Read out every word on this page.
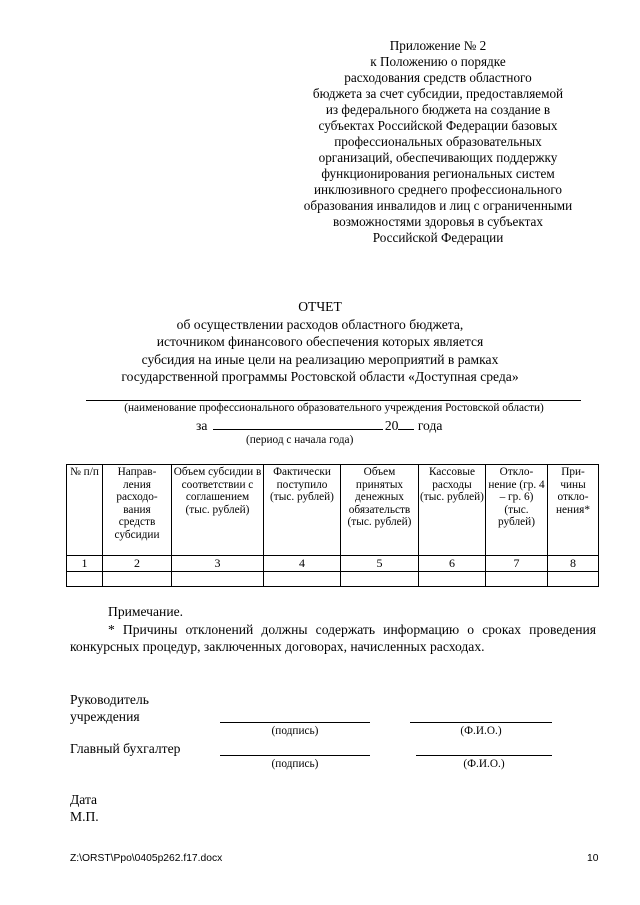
Приложение № 2
к Положению о порядке
расходования средств областного
бюджета за счет субсидии, предоставляемой
из федерального бюджета на создание в
субъектах Российской Федерации базовых
профессиональных образовательных
организаций, обеспечивающих поддержку
функционирования региональных систем
инклюзивного среднего профессионального
образования инвалидов и лиц с ограниченными
возможностями здоровья в субъектах
Российской Федерации
ОТЧЕТ
об осуществлении расходов областного бюджета,
источником финансового обеспечения которых является
субсидия на иные цели на реализацию мероприятий в рамках
государственной программы Ростовской области «Доступная среда»
(наименование профессионального образовательного учреждения Ростовской области)
за	20 года
(период с начала года)
№ п/п	Направ-ления расходо-вания средств субсидии	Объем субсидии в соответствии с соглашением (тыс. рублей)	Фактически поступило (тыс. рублей)	Объем принятых денежных обязательств (тыс. рублей)	Кассовые расходы (тыс. рублей)	Откло-нение (гр. 4 – гр. 6) (тыс. рублей)	При-чины откло-нения*
1	2	3	4	5	6	7	8

Примечание.
* Причины отклонений должны содержать информацию о сроках проведения конкурсных процедур, заключенных договорах, начисленных расходах.
Руководитель
учреждения
(подпись)	(Ф.И.О.)
Главный бухгалтер
(подпись)	(Ф.И.О.)
Дата
М.П.
Z:\ORST\Ppo\0405p262.f17.docx	10
